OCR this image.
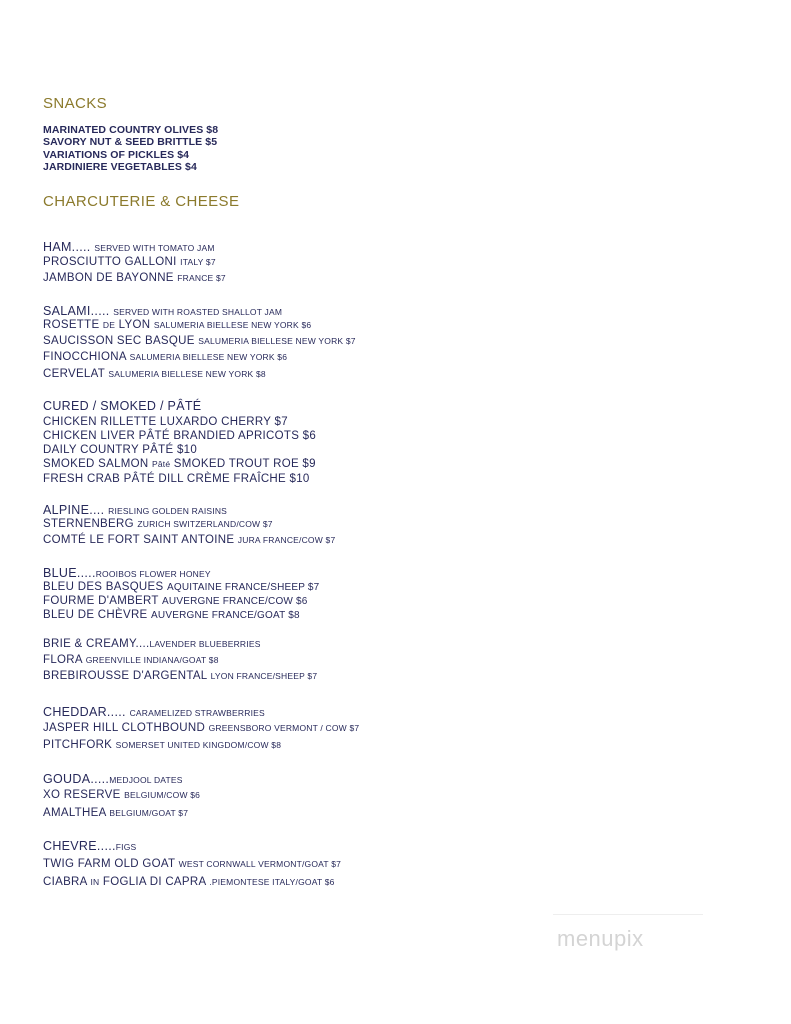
SNACKS
MARINATED COUNTRY OLIVES $8
SAVORY NUT & SEED BRITTLE $5
VARIATIONS OF PICKLES $4
JARDINIERE VEGETABLES $4
CHARCUTERIE & CHEESE
HAM..... SERVED WITH TOMATO JAM
PROSCIUTTO GALLONI ITALY $7
JAMBON DE BAYONNE FRANCE $7
SALAMI..... SERVED WITH ROASTED SHALLOT JAM
ROSETTE DE LYON SALUMERIA BIELLESE NEW YORK $6
SAUCISSON SEC BASQUE SALUMERIA BIELLESE NEW YORK $7
FINOCCHIONA SALUMERIA BIELLESE NEW YORK $6
CERVELAT SALUMERIA BIELLESE NEW YORK $8
CURED / SMOKED / PÂTÉ
CHICKEN RILLETTE LUXARDO CHERRY $7
CHICKEN LIVER PÂTÉ BRANDIED APRICOTS $6
DAILY COUNTRY PÂTÉ $10
SMOKED SALMON Pâté SMOKED TROUT ROE $9
FRESH CRAB PÂTÉ DILL CRÈME FRAÎCHE $10
ALPINE.... RIESLING GOLDEN RAISINS
STERNENBERG ZURICH SWITZERLAND/COW $7
COMTÉ LE FORT SAINT ANTOINE JURA FRANCE/COW $7
BLUE.....ROOIBOS FLOWER HONEY
BLEU DES BASQUES AQUITAINE FRANCE/SHEEP $7
FOURME D'AMBERT AUVERGNE FRANCE/COW $6
BLEU DE CHÈVRE AUVERGNE FRANCE/GOAT $8
BRIE & CREAMY....LAVENDER BLUEBERRIES
FLORA GREENVILLE INDIANA/GOAT $8
BREBIROUSSE D'ARGENTAL LYON FRANCE/SHEEP $7
CHEDDAR..... CARAMELIZED STRAWBERRIES
JASPER HILL CLOTHBOUND GREENSBORO VERMONT / COW $7
PITCHFORK SOMERSET UNITED KINGDOM/COW $8
GOUDA.....MEDJOOL DATES
XO RESERVE BELGIUM/COW $6
AMALTHEA BELGIUM/GOAT $7
CHEVRE.....FIGS
TWIG FARM OLD GOAT WEST CORNWALL VERMONT/GOAT $7
CIABRA IN FOGLIA DI CAPRA .PIEMONTESE ITALY/GOAT $6
menupix
